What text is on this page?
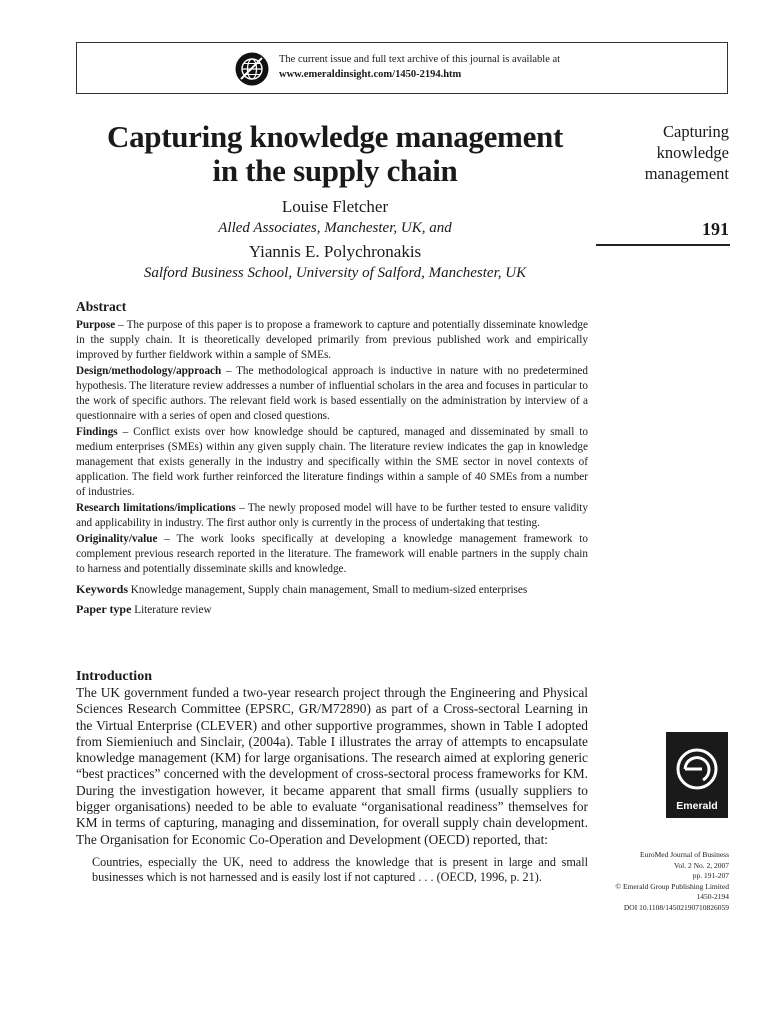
The current issue and full text archive of this journal is available at
www.emeraldinsight.com/1450-2194.htm
Capturing knowledge management
in the supply chain
Louise Fletcher
Alled Associates, Manchester, UK, and
Yiannis E. Polychronakis
Salford Business School, University of Salford, Manchester, UK
Capturing
knowledge
management
191
Abstract

Purpose – The purpose of this paper is to propose a framework to capture and potentially disseminate knowledge in the supply chain. It is theoretically developed primarily from previous published work and empirically improved by further fieldwork within a sample of SMEs.

Design/methodology/approach – The methodological approach is inductive in nature with no predetermined hypothesis. The literature review addresses a number of influential scholars in the area and focuses in particular to the work of specific authors. The relevant field work is based essentially on the administration by interview of a questionnaire with a series of open and closed questions.

Findings – Conflict exists over how knowledge should be captured, managed and disseminated by small to medium enterprises (SMEs) within any given supply chain. The literature review indicates the gap in knowledge management that exists generally in the industry and specifically within the SME sector in novel contexts of application. The field work further reinforced the literature findings within a sample of 40 SMEs from a number of industries.

Research limitations/implications – The newly proposed model will have to be further tested to ensure validity and applicability in industry. The first author only is currently in the process of undertaking that testing.

Originality/value – The work looks specifically at developing a knowledge management framework to complement previous research reported in the literature. The framework will enable partners in the supply chain to harness and potentially disseminate skills and knowledge.

Keywords Knowledge management, Supply chain management, Small to medium-sized enterprises

Paper type Literature review

Introduction

The UK government funded a two-year research project through the Engineering and Physical Sciences Research Committee (EPSRC, GR/M72890) as part of a Cross-sectoral Learning in the Virtual Enterprise (CLEVER) and other supportive programmes, shown in Table I adopted from Siemieniuch and Sinclair, (2004a). Table I illustrates the array of attempts to encapsulate knowledge management (KM) for large organisations. The research aimed at exploring generic “best practices” concerned with the development of cross-sectoral process frameworks for KM. During the investigation however, it became apparent that small firms (usually suppliers to bigger organisations) needed to be able to evaluate “organisational readiness” themselves for KM in terms of capturing, managing and dissemination, for overall supply chain development. The Organisation for Economic Co-Operation and Development (OECD) reported, that:

Countries, especially the UK, need to address the knowledge that is present in large and small businesses which is not harnessed and is easily lost if not captured . . . (OECD, 1996, p. 21).

Emerald
EuroMed Journal of Business
Vol. 2 No. 2, 2007
pp. 191-207
© Emerald Group Publishing Limited
1450-2194
DOI 10.1108/14502190710826059
